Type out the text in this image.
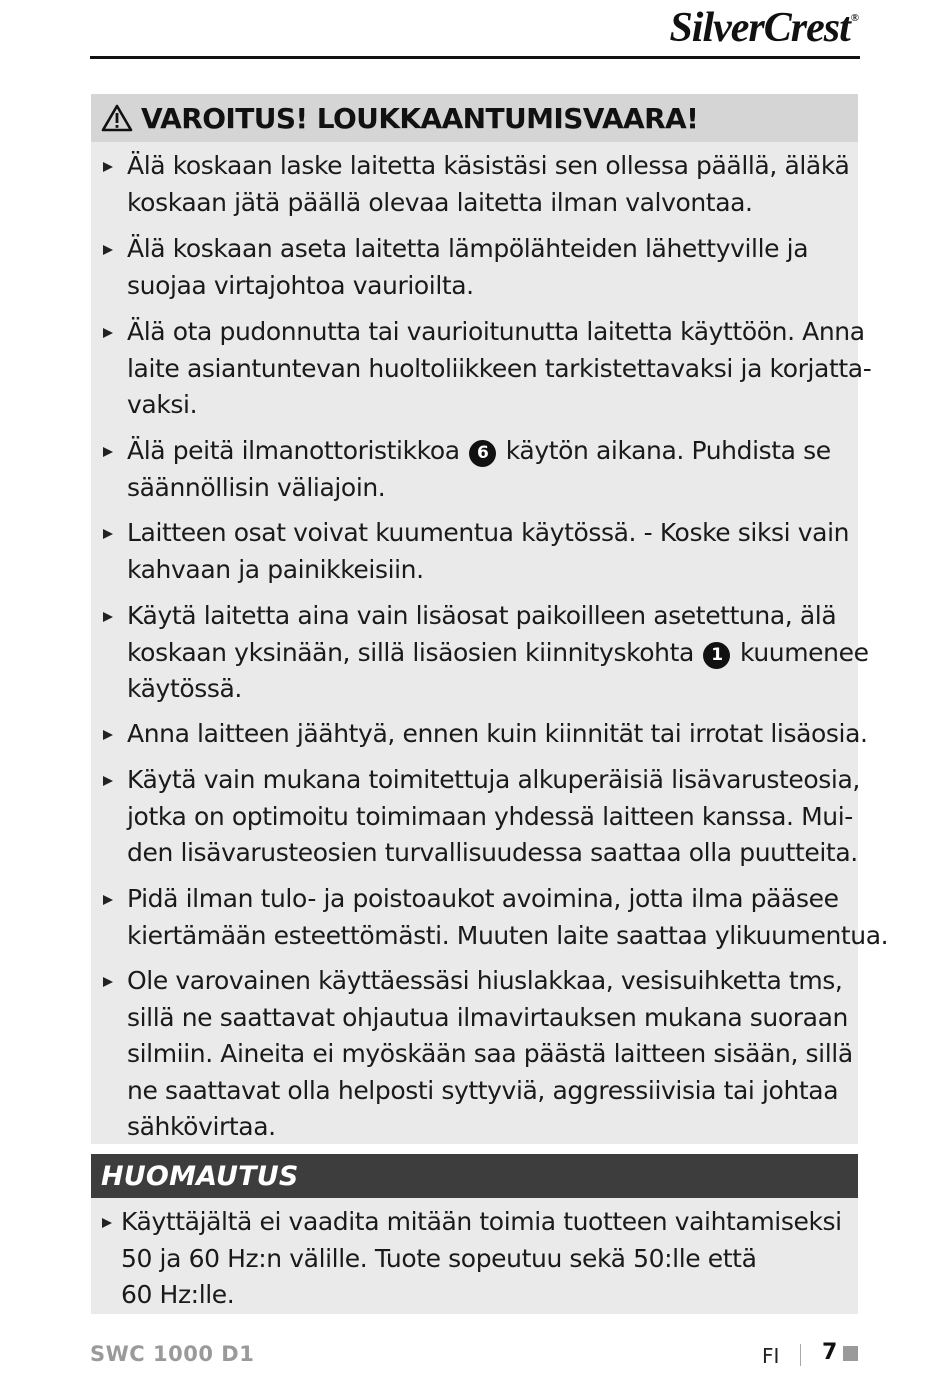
SilverCrest®
VAROITUS! LOUKKAANTUMISVAARA!
Älä koskaan laske laitetta käsistäsi sen ollessa päällä, äläkä
koskaan jätä päällä olevaa laitetta ilman valvontaa.
Älä koskaan aseta laitetta lämpölähteiden lähettyville ja
suojaa virtajohtoa vaurioilta.
Älä ota pudonnutta tai vaurioitunutta laitetta käyttöön. Anna
laite asiantuntevan huoltoliikkeen tarkistettavaksi ja korjatta-
vaksi.
Älä peitä ilmanottoristikkoa 6 käytön aikana. Puhdista se
säännöllisin väliajoin.
Laitteen osat voivat kuumentua käytössä. - Koske siksi vain
kahvaan ja painikkeisiin.
Käytä laitetta aina vain lisäosat paikoilleen asetettuna, älä
koskaan yksinään, sillä lisäosien kiinnityskohta 1 kuumenee
käytössä.
Anna laitteen jäähtyä, ennen kuin kiinnität tai irrotat lisäosia.
Käytä vain mukana toimitettuja alkuperäisiä lisävarusteosia,
jotka on optimoitu toimimaan yhdessä laitteen kanssa. Mui-
den lisävarusteosien turvallisuudessa saattaa olla puutteita.
Pidä ilman tulo- ja poistoaukot avoimina, jotta ilma pääsee
kiertämään esteettömästi. Muuten laite saattaa ylikuumentua.
Ole varovainen käyttäessäsi hiuslakkaa, vesisuihketta tms,
sillä ne saattavat ohjautua ilmavirtauksen mukana suoraan
silmiin. Aineita ei myöskään saa päästä laitteen sisään, sillä
ne saattavat olla helposti syttyviä, aggressiivisia tai johtaa
sähkövirtaa.
HUOMAUTUS
Käyttäjältä ei vaadita mitään toimia tuotteen vaihtamiseksi
50 ja 60 Hz:n välille. Tuote sopeutuu sekä 50:lle että
60 Hz:lle.
SWC 1000 D1	FI 7
